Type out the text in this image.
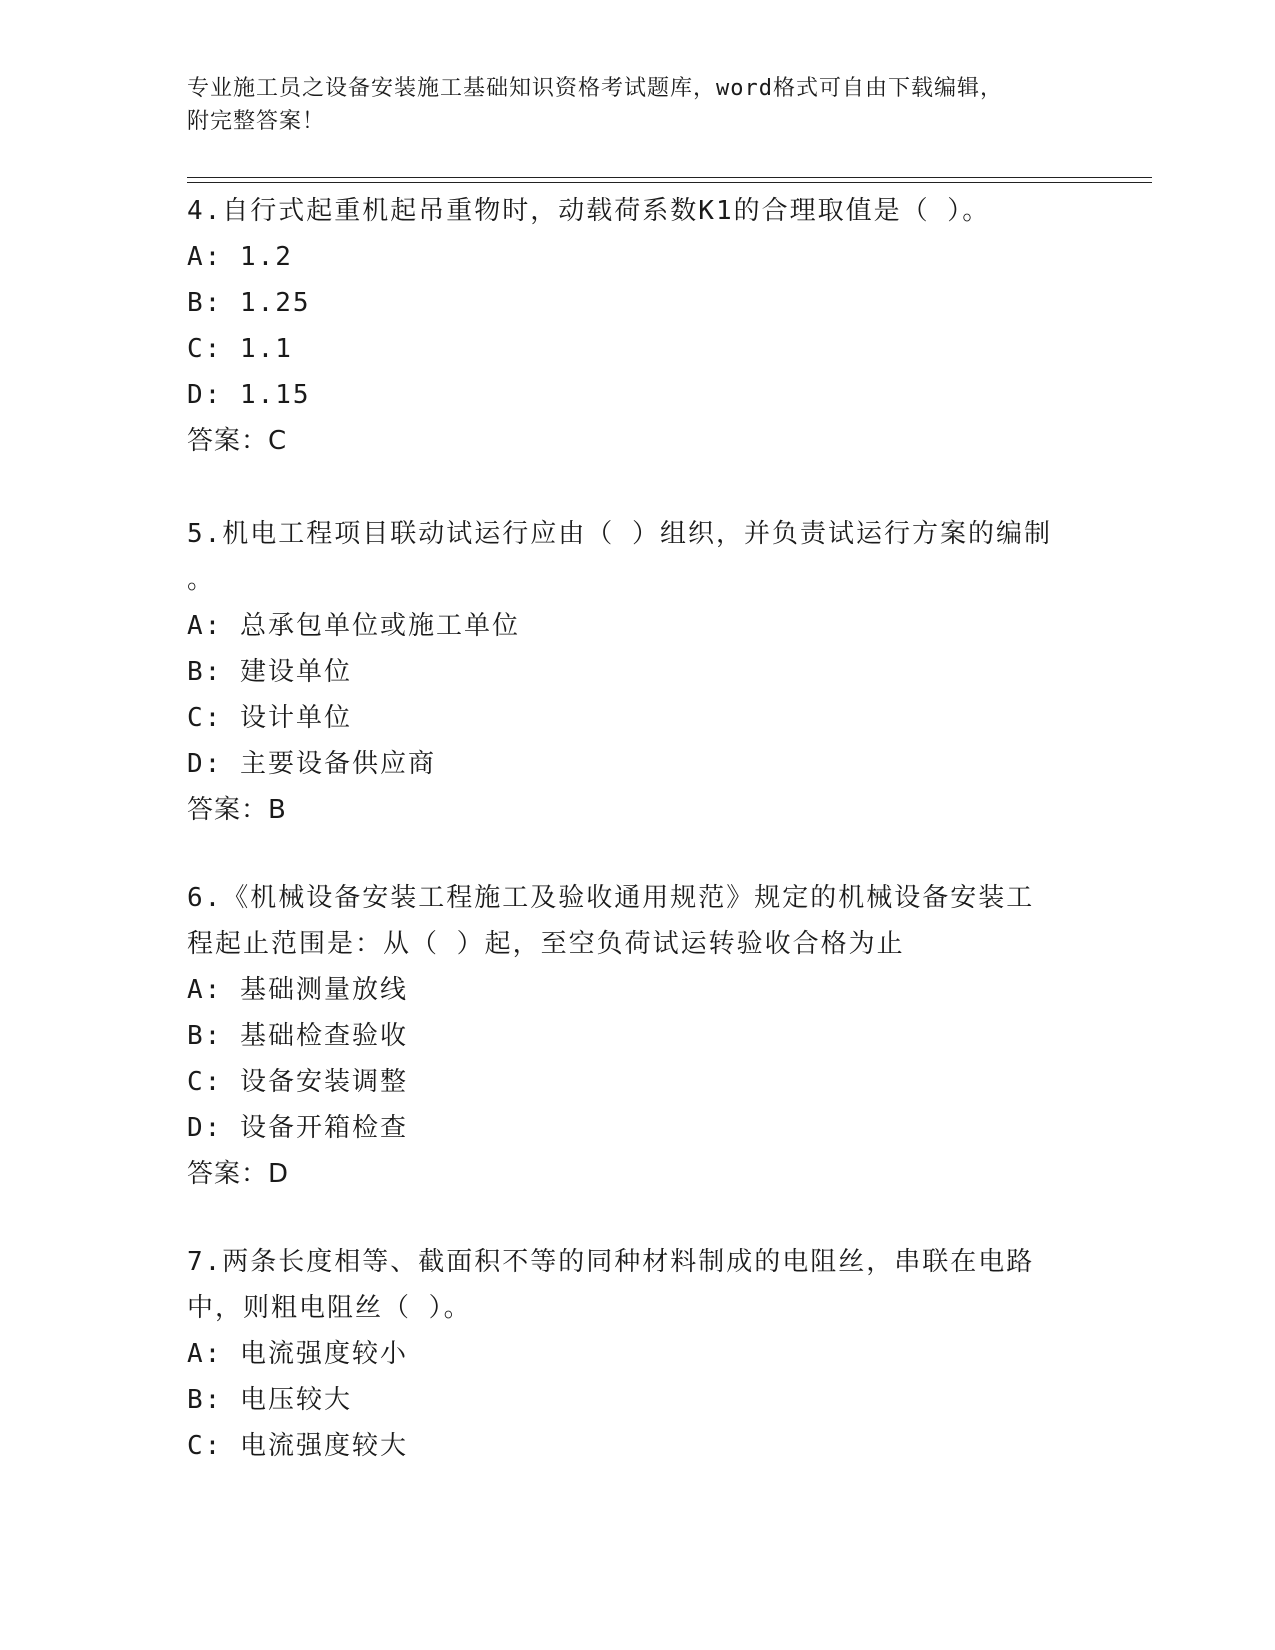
专业施工员之设备安装施工基础知识资格考试题库，word格式可自由下载编辑，
附完整答案！
4.自行式起重机起吊重物时，动载荷系数K1的合理取值是（ ）。
A: 1.2
B: 1.25
C: 1.1
D: 1.15
答案：C
5.机电工程项目联动试运行应由（ ）组织，并负责试运行方案的编制
。
A: 总承包单位或施工单位
B: 建设单位
C: 设计单位
D: 主要设备供应商
答案：B
6.《机械设备安装工程施工及验收通用规范》规定的机械设备安装工
程起止范围是：从（ ）起，至空负荷试运转验收合格为止
A: 基础测量放线
B: 基础检查验收
C: 设备安装调整
D: 设备开箱检查
答案：D
7.两条长度相等、截面积不等的同种材料制成的电阻丝，串联在电路
中，则粗电阻丝（ ）。
A: 电流强度较小
B: 电压较大
C: 电流强度较大
